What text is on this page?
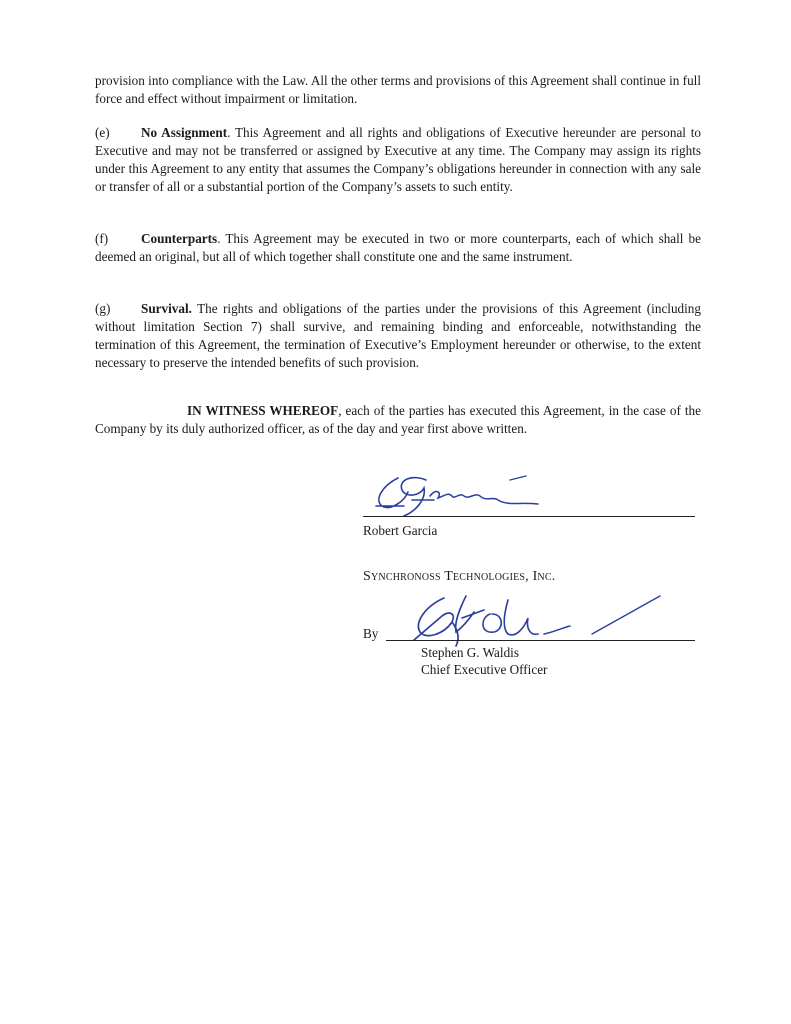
provision into compliance with the Law. All the other terms and provisions of this Agreement shall continue in full force and effect without impairment or limitation.

(e) No Assignment. This Agreement and all rights and obligations of Executive hereunder are personal to Executive and may not be transferred or assigned by Executive at any time. The Company may assign its rights under this Agreement to any entity that assumes the Company’s obligations hereunder in connection with any sale or transfer of all or a substantial portion of the Company’s assets to such entity.

(f) Counterparts. This Agreement may be executed in two or more counterparts, each of which shall be deemed an original, but all of which together shall constitute one and the same instrument.

(g) Survival. The rights and obligations of the parties under the provisions of this Agreement (including without limitation Section 7) shall survive, and remaining binding and enforceable, notwithstanding the termination of this Agreement, the termination of Executive’s Employment hereunder or otherwise, to the extent necessary to preserve the intended benefits of such provision.

IN WITNESS WHEREOF, each of the parties has executed this Agreement, in the case of the Company by its duly authorized officer, as of the day and year first above written.

Robert Garcia
Synchronoss Technologies, Inc.
By
Stephen G. Waldis
Chief Executive Officer
